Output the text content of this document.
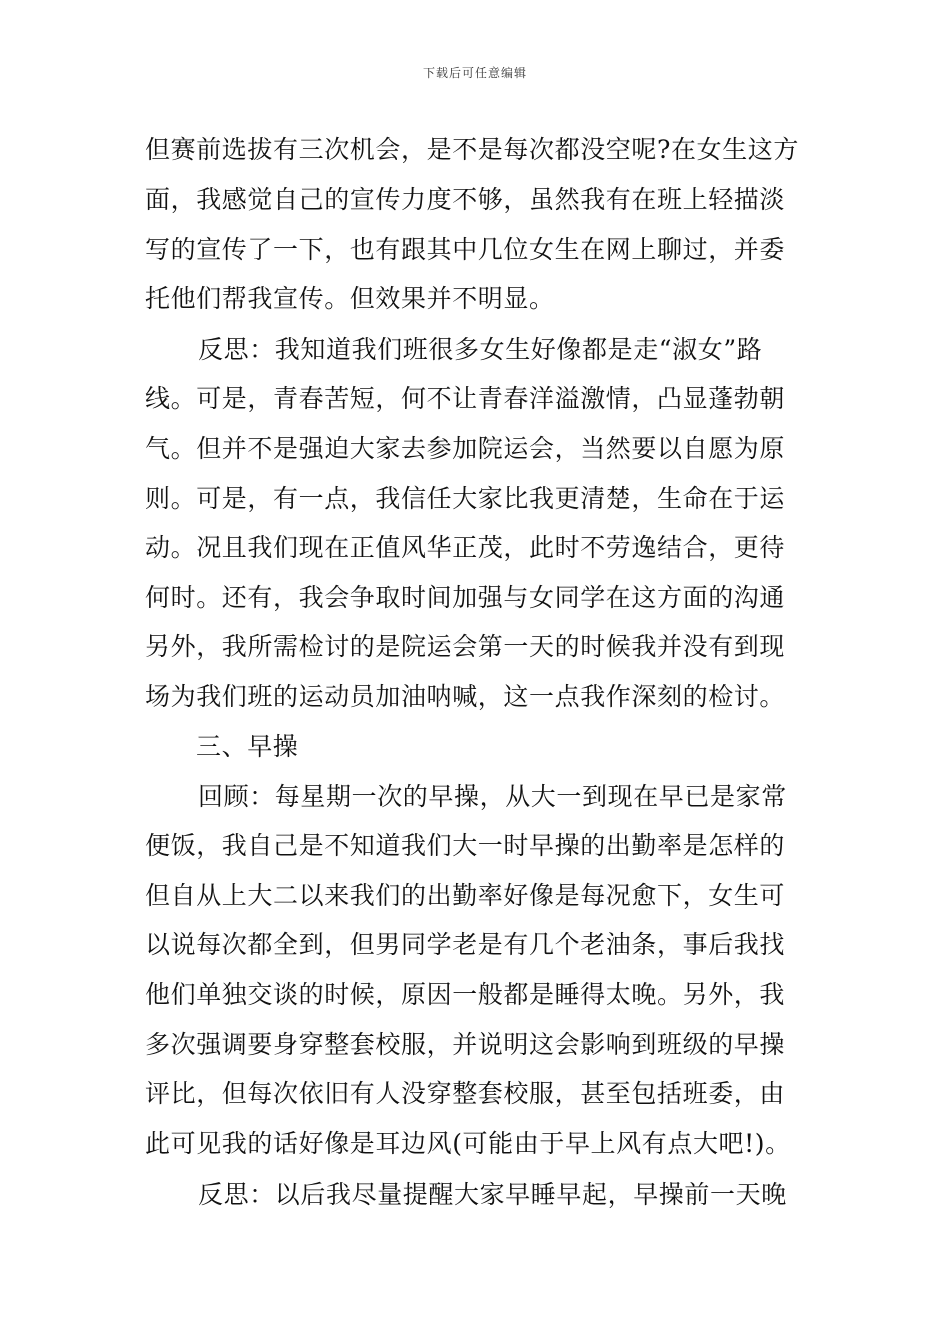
下载后可任意编辑
但赛前选拔有三次机会，是不是每次都没空呢?在女生这方
面，我感觉自己的宣传力度不够，虽然我有在班上轻描淡
写的宣传了一下，也有跟其中几位女生在网上聊过，并委
托他们帮我宣传。但效果并不明显。
反思：我知道我们班很多女生好像都是走“淑女”路
线。可是，青春苦短，何不让青春洋溢激情，凸显蓬勃朝
气。但并不是强迫大家去参加院运会，当然要以自愿为原
则。可是，有一点，我信任大家比我更清楚，生命在于运
动。况且我们现在正值风华正茂，此时不劳逸结合，更待
何时。还有，我会争取时间加强与女同学在这方面的沟通
另外，我所需检讨的是院运会第一天的时候我并没有到现
场为我们班的运动员加油呐喊，这一点我作深刻的检讨。
三、早操
回顾：每星期一次的早操，从大一到现在早已是家常
便饭，我自己是不知道我们大一时早操的出勤率是怎样的
但自从上大二以来我们的出勤率好像是每况愈下，女生可
以说每次都全到，但男同学老是有几个老油条，事后我找
他们单独交谈的时候，原因一般都是睡得太晚。另外，我
多次强调要身穿整套校服，并说明这会影响到班级的早操
评比，但每次依旧有人没穿整套校服，甚至包括班委，由
此可见我的话好像是耳边风(可能由于早上风有点大吧!)。
反思：以后我尽量提醒大家早睡早起，早操前一天晚
